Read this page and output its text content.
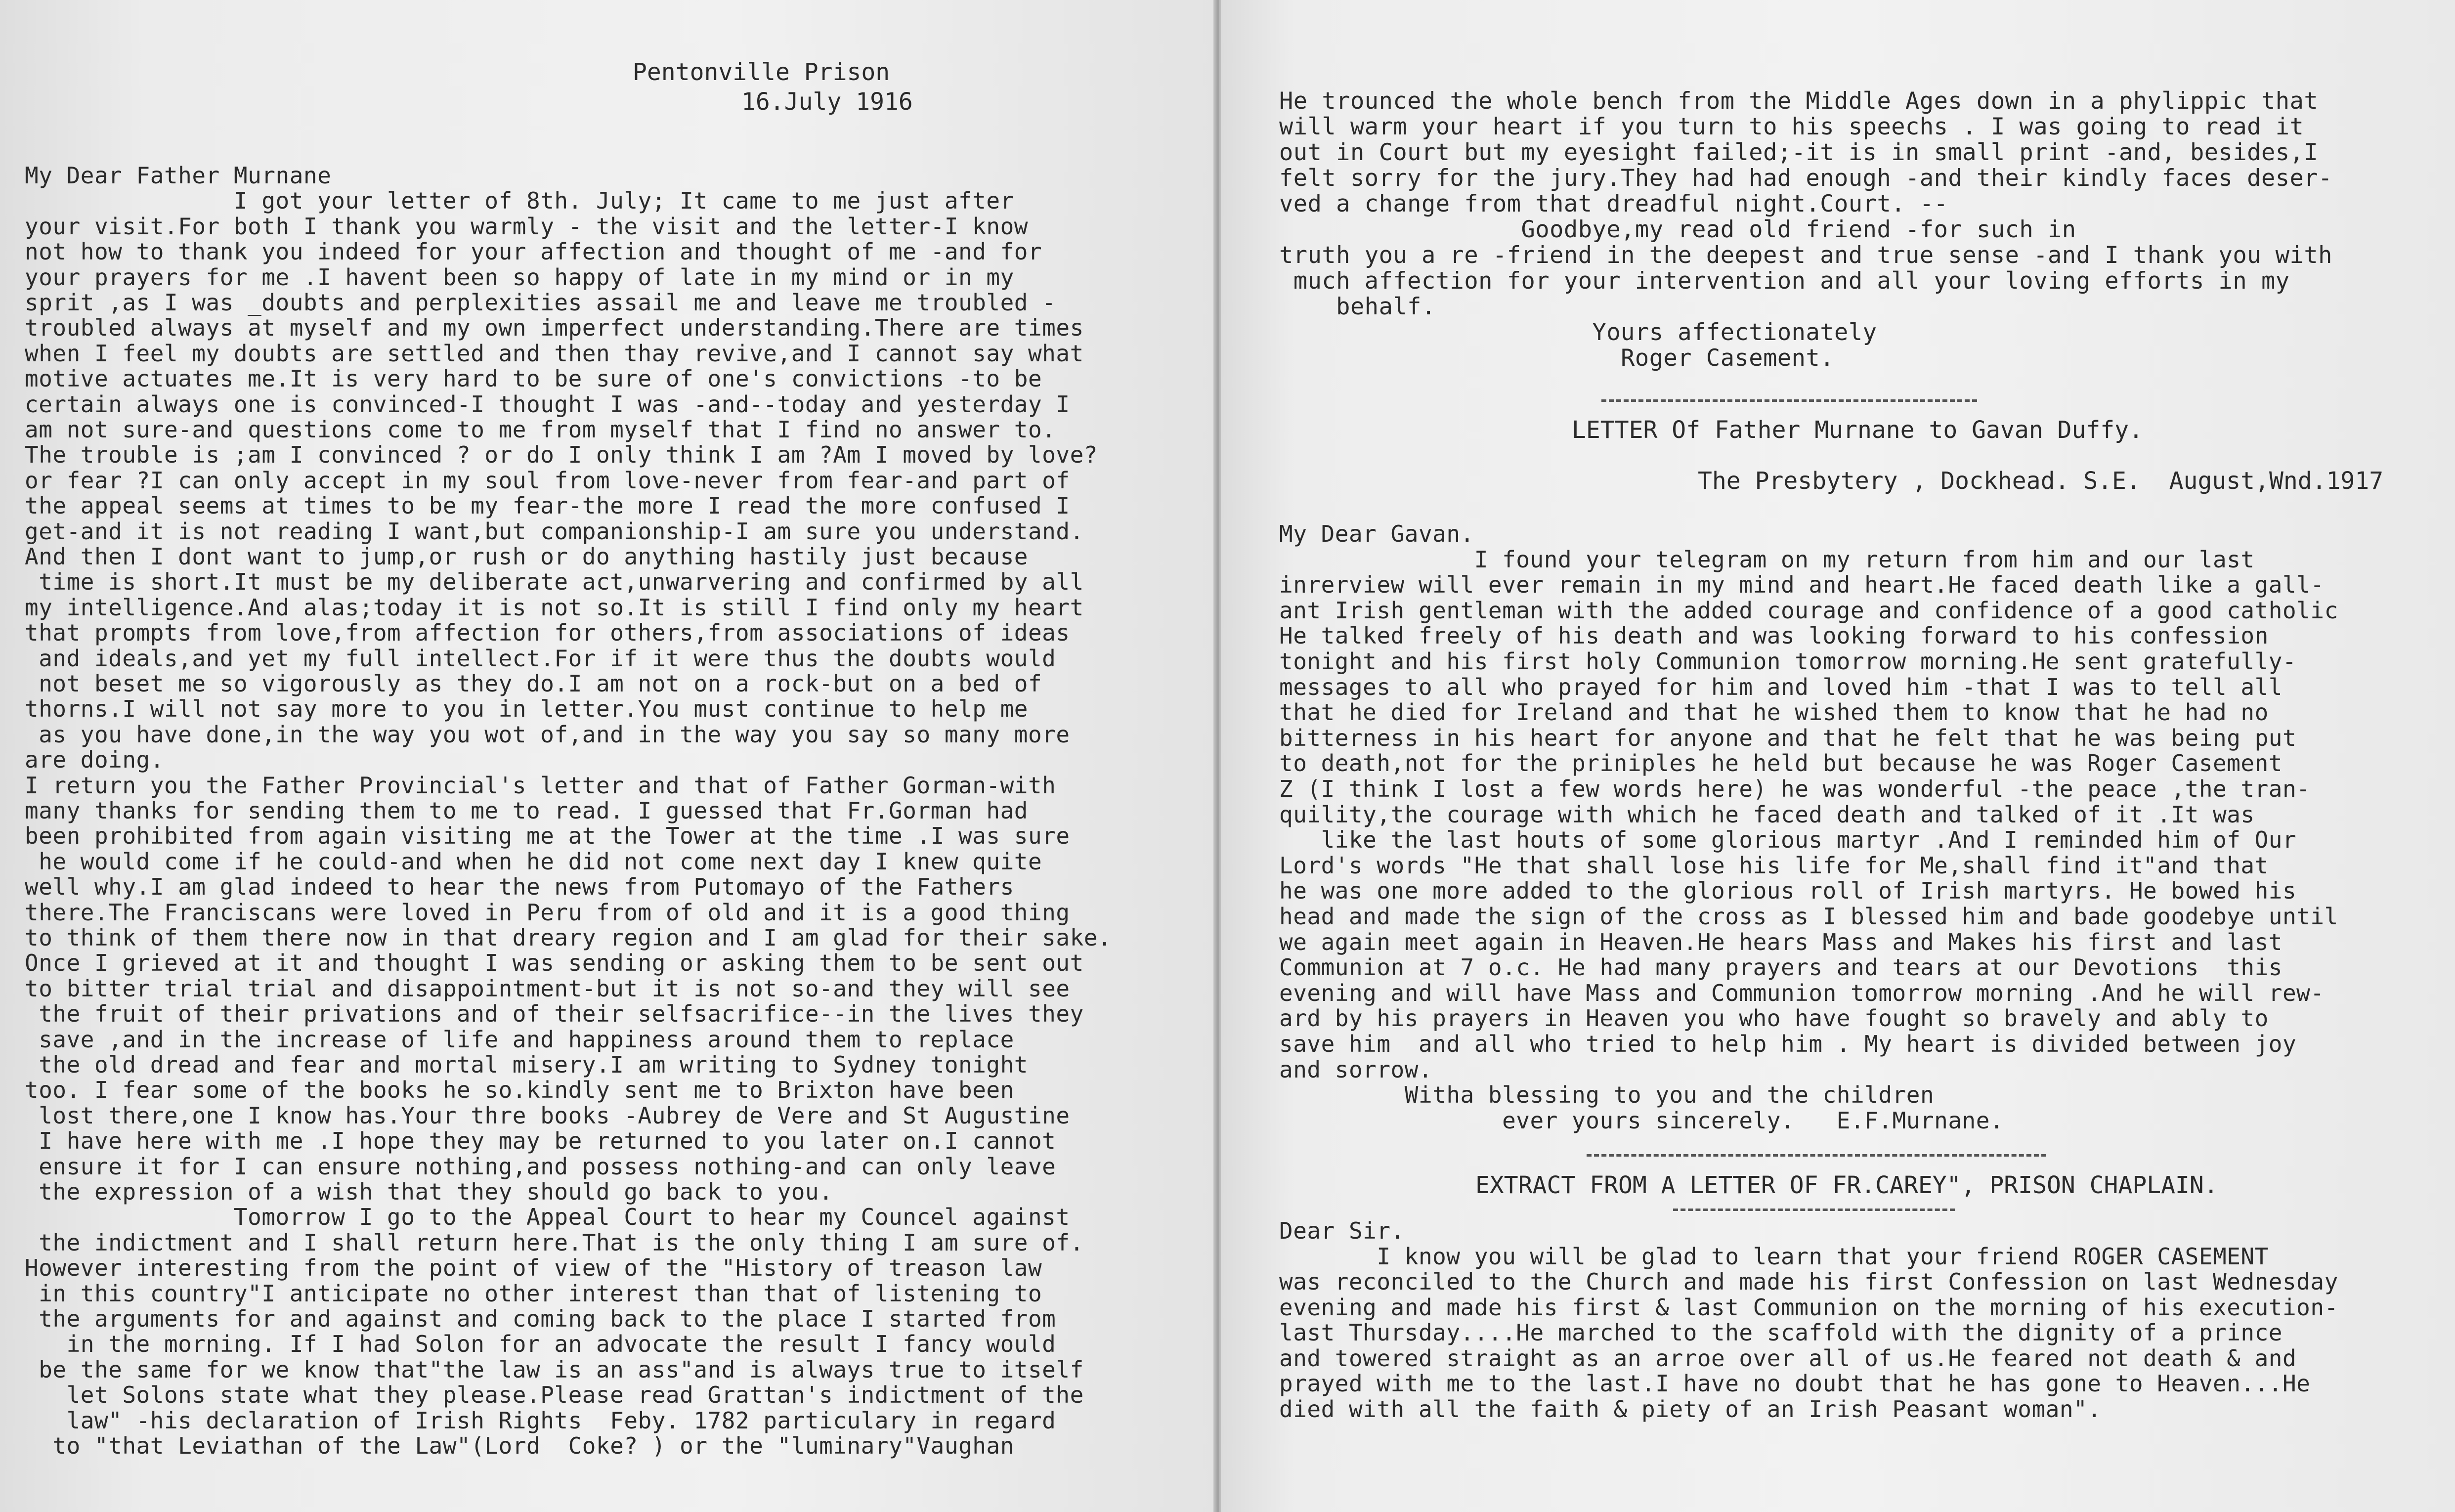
Pentonville Prison
16.July 1916
My Dear Father Murnane
I got your letter of 8th. July; It came to me just after
your visit.For both I thank you warmly - the visit and the letter-I know
not how to thank you indeed for your affection and thought of me -and for
your prayers for me .I havent been so happy of late in my mind or in my
sprit ,as I was _doubts and perplexities assail me and leave me troubled -
troubled always at myself and my own imperfect understanding.There are times
when I feel my doubts are settled and then thay revive,and I cannot say what
motive actuates me.It is very hard to be sure of one's convictions -to be
certain always one is convinced-I thought I was -and--today and yesterday I
am not sure-and questions come to me from myself that I find no answer to.
The trouble is ;am I convinced ? or do I only think I am ?Am I moved by love?
or fear ?I can only accept in my soul from love-never from fear-and part of
the appeal seems at times to be my fear-the more I read the more confused I
get-and it is not reading I want,but companionship-I am sure you understand.
And then I dont want to jump,or rush or do anything hastily just because
time is short.It must be my deliberate act,unwarvering and confirmed by all
my intelligence.And alas;today it is not so.It is still I find only my heart
that prompts from love,from affection for others,from associations of ideas
and ideals,and yet my full intellect.For if it were thus the doubts would
not beset me so vigorously as they do.I am not on a rock-but on a bed of
thorns.I will not say more to you in letter.You must continue to help me
as you have done,in the way you wot of,and in the way you say so many more
are doing.
I return you the Father Provincial's letter and that of Father Gorman-with
many thanks for sending them to me to read. I guessed that Fr.Gorman had
been prohibited from again visiting me at the Tower at the time .I was sure
he would come if he could-and when he did not come next day I knew quite
well why.I am glad indeed to hear the news from Putomayo of the Fathers
there.The Franciscans were loved in Peru from of old and it is a good thing
to think of them there now in that dreary region and I am glad for their sake.
Once I grieved at it and thought I was sending or asking them to be sent out
to bitter trial trial and disappointment-but it is not so-and they will see
the fruit of their privations and of their selfsacrifice--in the lives they
save ,and in the increase of life and happiness around them to replace
the old dread and fear and mortal misery.I am writing to Sydney tonight
too. I fear some of the books he so.kindly sent me to Brixton have been
lost there,one I know has.Your thre books -Aubrey de Vere and St Augustine
I have here with me .I hope they may be returned to you later on.I cannot
ensure it for I can ensure nothing,and possess nothing-and can only leave
the expression of a wish that they should go back to you.
Tomorrow I go to the Appeal Court to hear my Councel against
the indictment and I shall return here.That is the only thing I am sure of.
However interesting from the point of view of the "History of treason law
in this country"I anticipate no other interest than that of listening to
the arguments for and against and coming back to the place I started from
in the morning. If I had Solon for an advocate the result I fancy would
be the same for we know that"the law is an ass"and is always true to itself
let Solons state what they please.Please read Grattan's indictment of the
law" -his declaration of Irish Rights  Feby. 1782 particulary in regard
to "that Leviathan of the Law"(Lord  Coke? ) or the "luminary"Vaughan
He trounced the whole bench from the Middle Ages down in a phylippic that
will warm your heart if you turn to his speechs . I was going to read it
out in Court but my eyesight failed;-it is in small print -and, besides,I
felt sorry for the jury.They had had enough -and their kindly faces deser-
ved a change from that dreadful night.Court. --
Goodbye,my read old friend -for such in
truth you a re -friend in the deepest and true sense -and I thank you with
much affection for your intervention and all your loving efforts in my
behalf.
Yours affectionately
Roger Casement.
LETTER Of Father Murnane to Gavan Duffy.
The Presbytery , Dockhead. S.E.  August,Wnd.1917
My Dear Gavan.
I found your telegram on my return from him and our last
inrerview will ever remain in my mind and heart.He faced death like a gall-
ant Irish gentleman with the added courage and confidence of a good catholic
He talked freely of his death and was looking forward to his confession
tonight and his first holy Communion tomorrow morning.He sent gratefully-
messages to all who prayed for him and loved him -that I was to tell all
that he died for Ireland and that he wished them to know that he had no
bitterness in his heart for anyone and that he felt that he was being put
to death,not for the priniples he held but because he was Roger Casement
Z (I think I lost a few words here) he was wonderful -the peace ,the tran-
quility,the courage with which he faced death and talked of it .It was
like the last houts of some glorious martyr .And I reminded him of Our
Lord's words "He that shall lose his life for Me,shall find it"and that
he was one more added to the glorious roll of Irish martyrs. He bowed his
head and made the sign of the cross as I blessed him and bade goodebye until
we again meet again in Heaven.He hears Mass and Makes his first and last
Communion at 7 o.c. He had many prayers and tears at our Devotions  this
evening and will have Mass and Communion tomorrow morning .And he will rew-
ard by his prayers in Heaven you who have fought so bravely and ably to
save him  and all who tried to help him . My heart is divided between joy
and sorrow.
Witha blessing to you and the children
ever yours sincerely.   E.F.Murnane.
EXTRACT FROM A LETTER OF FR.CAREY", PRISON CHAPLAIN.
Dear Sir.
I know you will be glad to learn that your friend ROGER CASEMENT
was reconciled to the Church and made his first Confession on last Wednesday
evening and made his first & last Communion on the morning of his execution-
last Thursday....He marched to the scaffold with the dignity of a prince
and towered straight as an arroe over all of us.He feared not death & and
prayed with me to the last.I have no doubt that he has gone to Heaven...He
died with all the faith & piety of an Irish Peasant woman".
